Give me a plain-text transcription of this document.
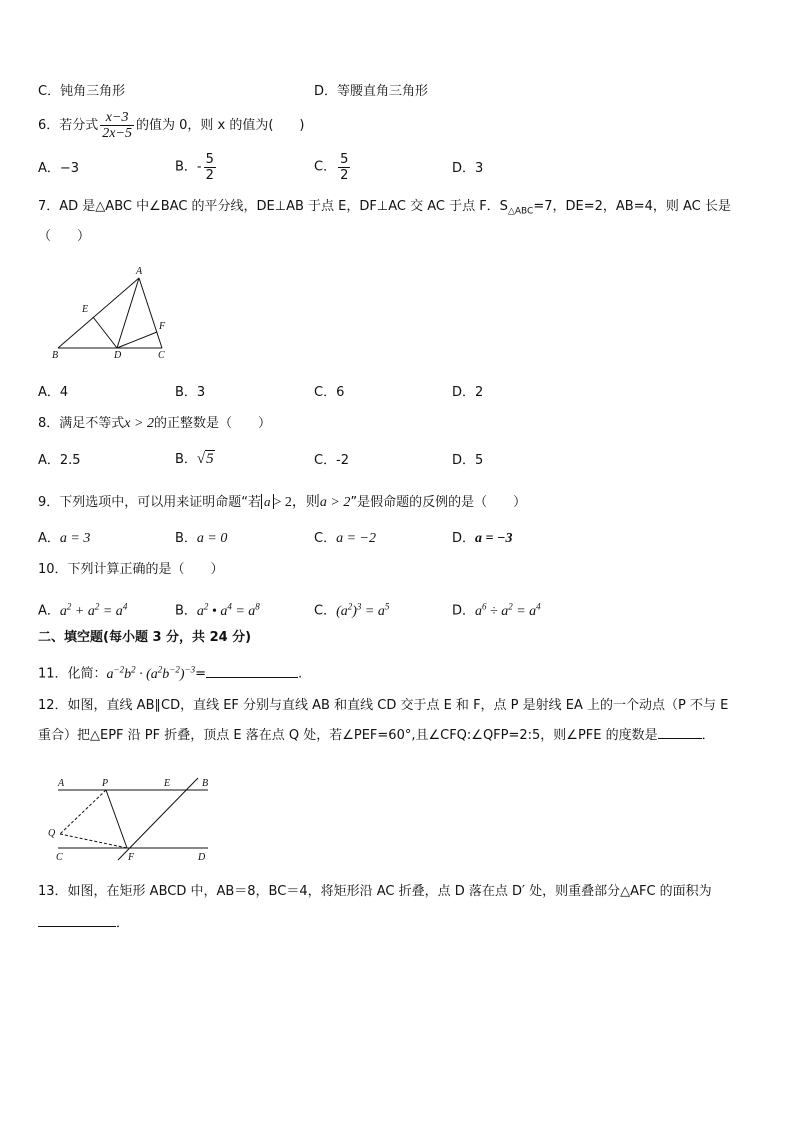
C．钝角三角形	D．等腰直角三角形
6．若分式 $\frac{x-3}{2x-5}$ 的值为 0，则 x 的值为(　　)
A．−3	B．- $\frac{5}{2}$	C． $\frac{5}{2}$	D．3
7．AD 是△ABC 中∠BAC 的平分线，DE⊥AB 于点 E，DF⊥AC 交 AC 于点 F．$S_{\triangle ABC}=7$，DE=2，AB=4，则 AC 长是
（　　）
A
B	C
D
E
F
A．4	B．3	C．6	D．2
8．满足不等式x > 2的正整数是（　　）
A．2.5	B．√5	C．-2	D．5
9．下列选项中，可以用来证明命题“若 a > 2，则a > 2”是假命题的反例的是（　　）
A．a = 3	B．a = 0	C．a = −2	D．a = −3
10．下列计算正确的是（　　）
A．$a^2 + a^2 = a^4$	B．$a^2$ • $a^4 = a^8$	C．$(a^2)^3 = a^5$	D．$a^6 \div a^2 = a^4$
二、填空题(每小题 3 分，共 24 分)
11．化简：$a^{-2}b^2 \cdot (a^2b^{-2})^{-3}=$	.
12．如图，直线 AB∥CD，直线 EF 分别与直线 AB 和直线 CD 交于点 E 和 F，点 P 是射线 EA 上的一个动点（P 不与 E
重合）把△EPF 沿 PF 折叠，顶点 E 落在点 Q 处，若∠PEF=60°,且∠CFQ:∠QFP=2:5，则∠PFE 的度数是	．
A	P	E	B
Q
C	F	D
13．如图，在矩形 ABCD 中，AB＝8，BC＝4，将矩形沿 AC 折叠，点 D 落在点 D′ 处，则重叠部分△AFC 的面积为
．
